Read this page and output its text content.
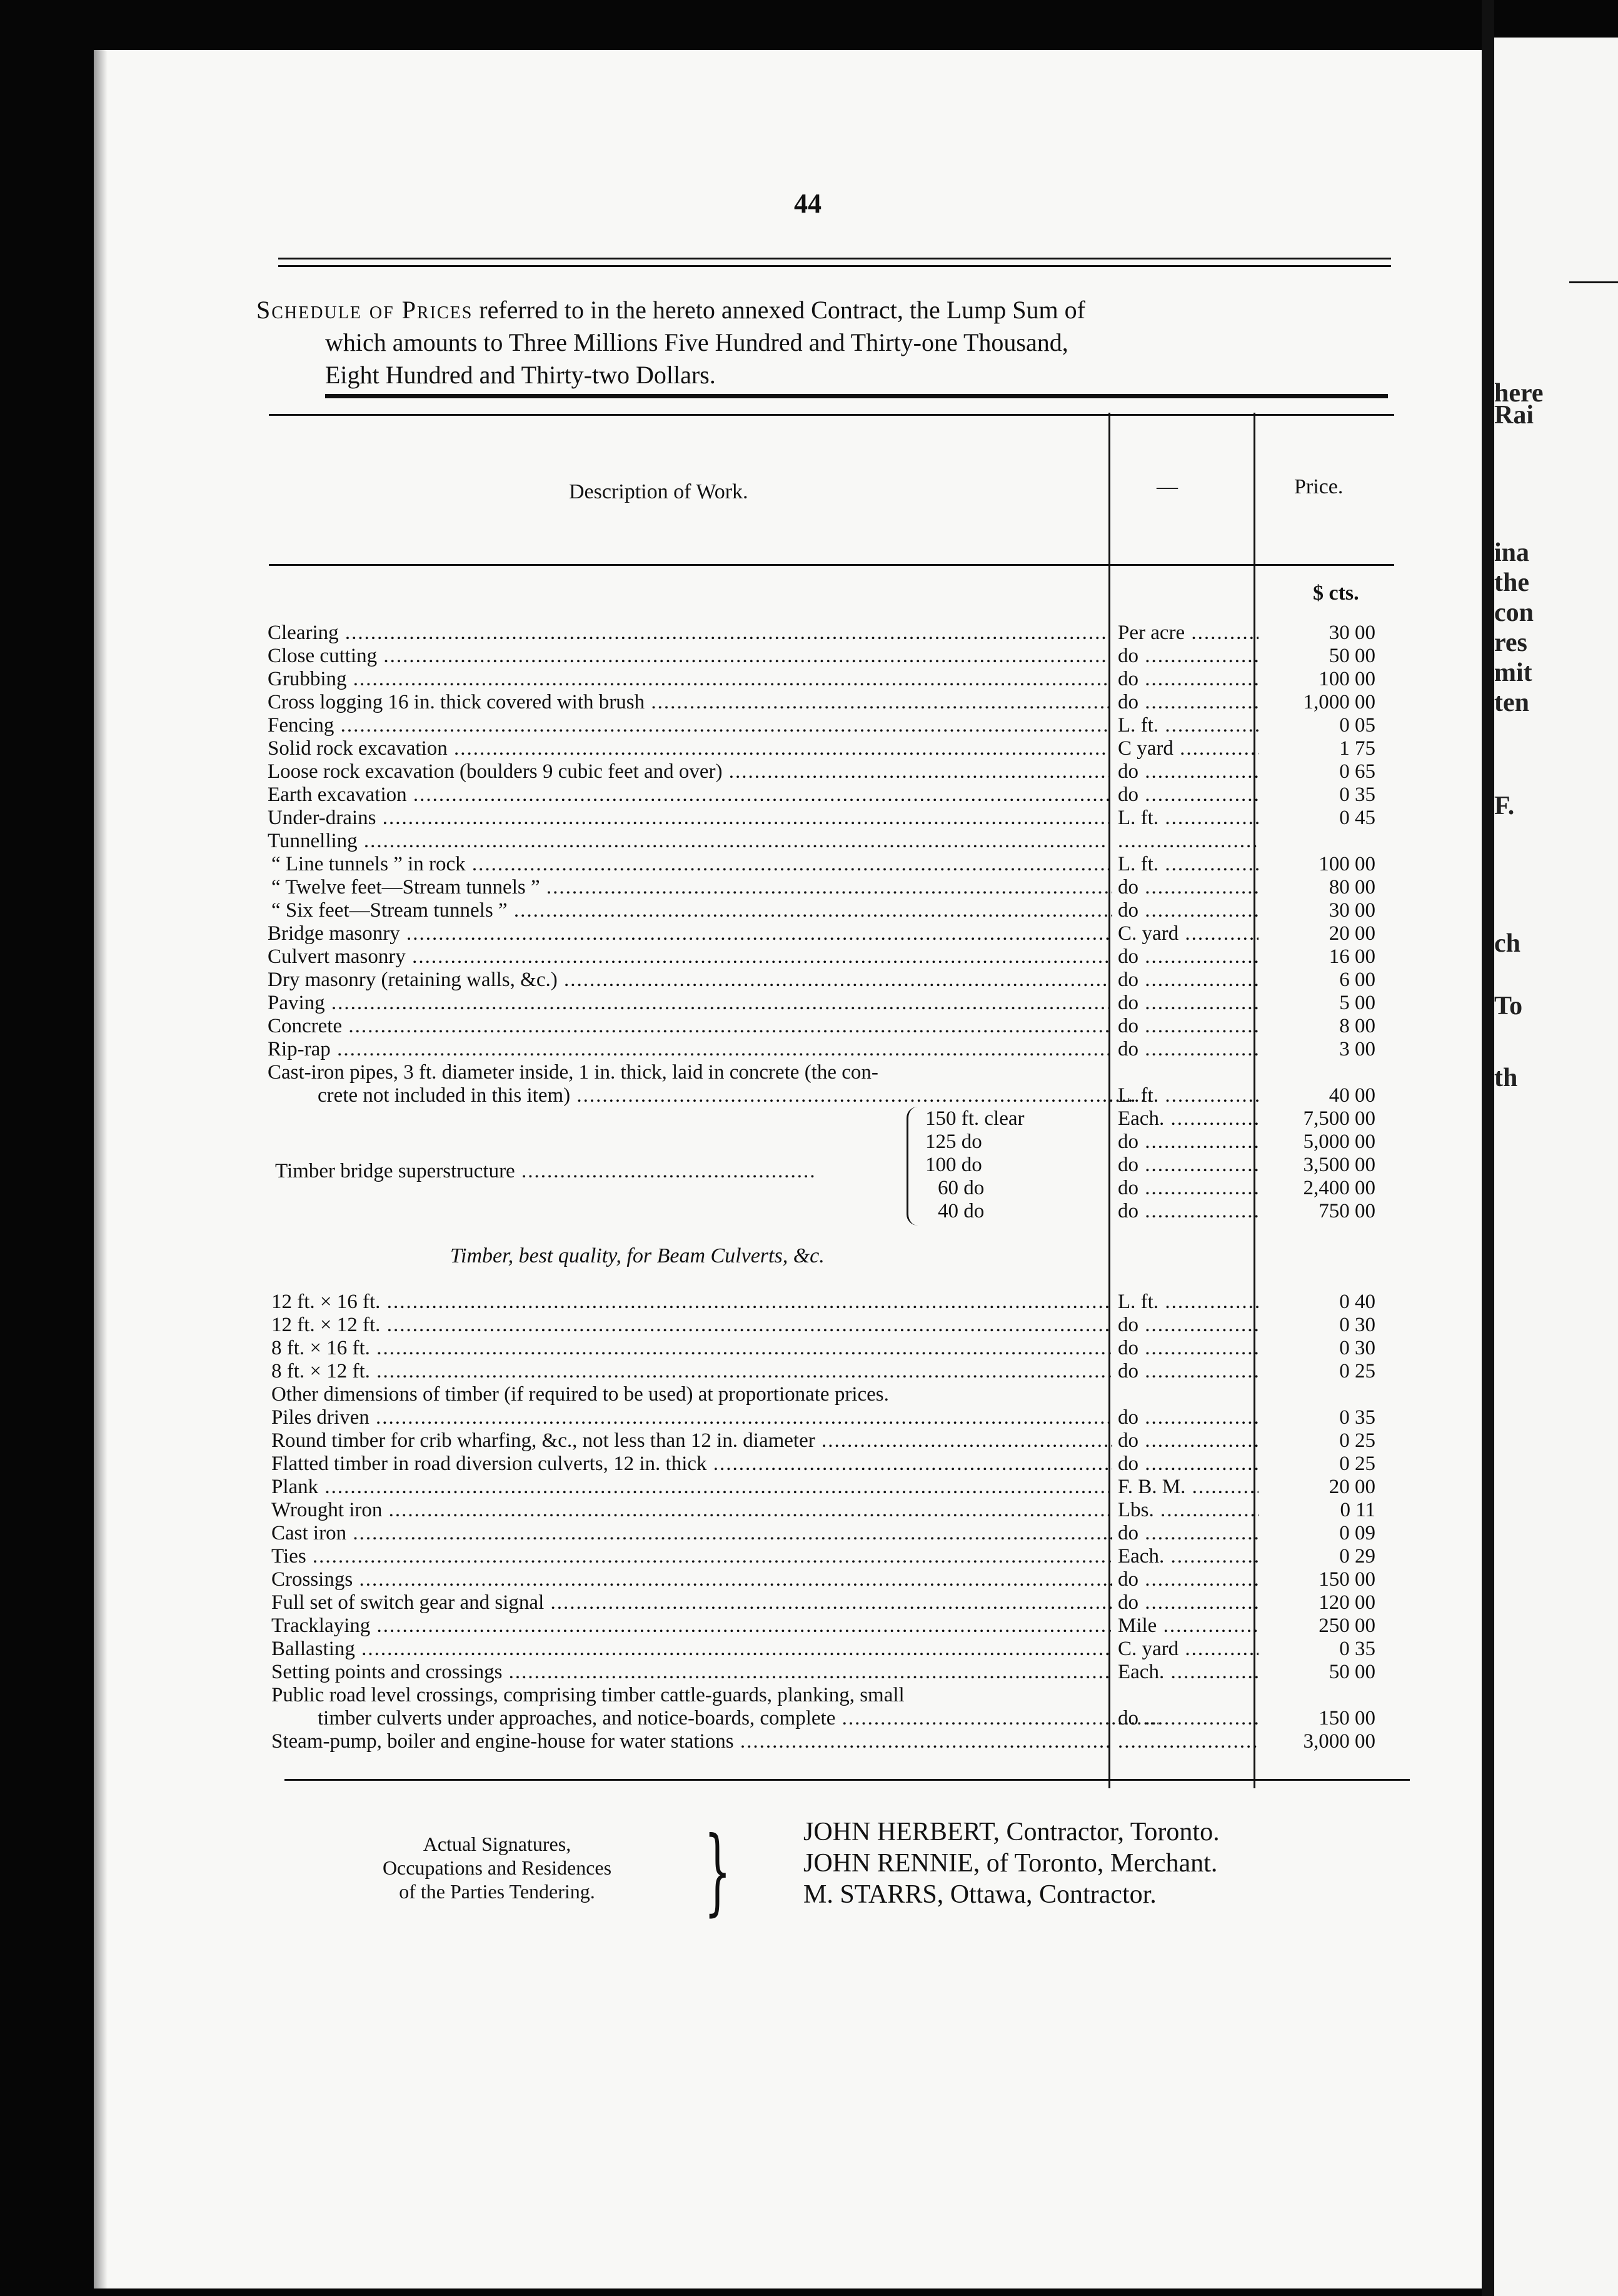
here
Rai
ina
the
con
res
mit
ten
F.
ch
To
th
44
Schedule of Prices referred to in the hereto annexed Contract, the Lump Sum of
which amounts to Three Millions Five Hundred and Thirty-one Thousand,
Eight Hundred and Thirty-two Dollars.
Description of Work.	—	Price.
$ cts.
Clearing .....	Per acre .....	30 00
Close cutting .....	do .....	50 00
Grubbing .....	do .....	100 00
Cross logging 16 in. thick covered with brush .....	do .....	1,000 00
Fencing .....	L. ft. .....	0 05
Solid rock excavation .....	C yard .....	1 75
Loose rock excavation (boulders 9 cubic feet and over) .....	do .....	0 65
Earth excavation .....	do .....	0 35
Under-drains .....	L. ft. .....	0 45
Tunnelling .....
.....
“ Line tunnels ” in rock .....	L. ft. .....	100 00
“ Twelve feet—Stream tunnels ” .....	do .....	80 00
“ Six feet—Stream tunnels ” .....	do .....	30 00
Bridge masonry .....	C. yard .....	20 00
Culvert masonry .....	do .....	16 00
Dry masonry (retaining walls, &c.) .....	do .....	6 00
Paving .....	do .....	5 00
Concrete .....	do .....	8 00
Rip-rap .....	do .....	3 00
Cast-iron pipes, 3 ft. diameter inside, 1 in. thick, laid in concrete (the con-
crete not included in this item) .....	L. ft. .....	40 00
Timber bridge superstructure .....
150 ft. clear
125 do
100 do
60 do
40 do
Each. .....	7,500 00
do .....	5,000 00
do .....	3,500 00
do .....	2,400 00
do .....	750 00
Timber, best quality, for Beam Culverts, &c.
12 ft. × 16 ft. .....	L. ft. .....	0 40
12 ft. × 12 ft. .....	do .....	0 30
8 ft. × 16 ft. .....	do .....	0 30
8 ft. × 12 ft. .....	do .....	0 25
Other dimensions of timber (if required to be used) at proportionate prices.
Piles driven .....	do .....	0 35
Round timber for crib wharfing, &c., not less than 12 in. diameter .....	do .....	0 25
Flatted timber in road diversion culverts, 12 in. thick .....	do .....	0 25
Plank .....	F. B. M. .....	20 00
Wrought iron .....	Lbs. .....	0 11
Cast iron .....	do .....	0 09
Ties .....	Each. .....	0 29
Crossings .....	do .....	150 00
Full set of switch gear and signal .....	do .....	120 00
Tracklaying .....	Mile .....	250 00
Ballasting .....	C. yard .....	0 35
Setting points and crossings .....	Each. .....	50 00
Public road level crossings, comprising timber cattle-guards, planking, small
timber culverts under approaches, and notice-boards, complete .....	do .....	150 00
Steam-pump, boiler and engine-house for water stations .....
.....	3,000 00
Actual Signatures,
Occupations and Residences
of the Parties Tendering.	}	JOHN HERBERT, Contractor, Toronto.
JOHN RENNIE, of Toronto, Merchant.
M. STARRS, Ottawa, Contractor.
